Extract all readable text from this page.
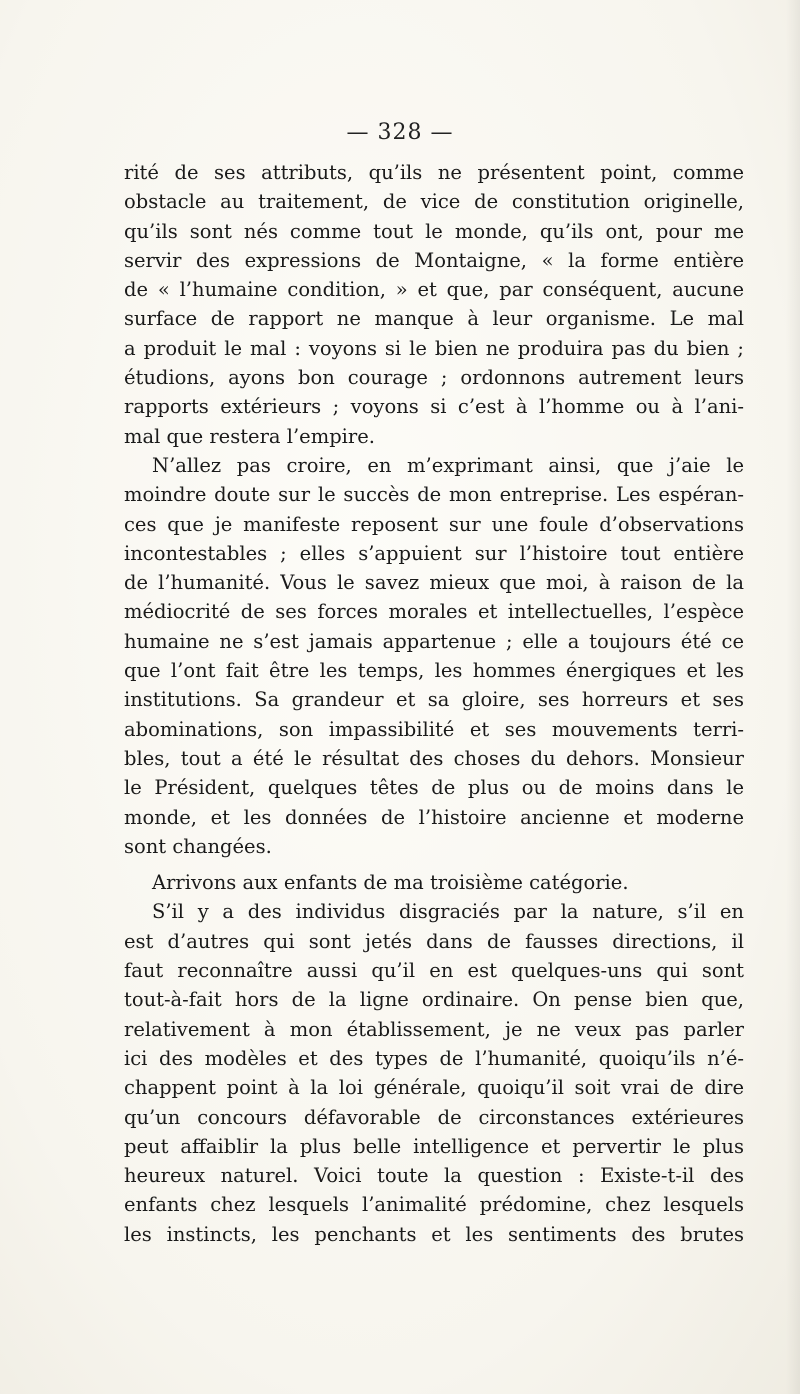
— 328 —
rité de ses attributs, qu’ils ne présentent point, comme
obstacle au traitement, de vice de constitution originelle,
qu’ils sont nés comme tout le monde, qu’ils ont, pour me
servir des expressions de Montaigne, « la forme entière
de « l’humaine condition, » et que, par conséquent, aucune
surface de rapport ne manque à leur organisme. Le mal
a produit le mal : voyons si le bien ne produira pas du bien ;
étudions, ayons bon courage ; ordonnons autrement leurs
rapports extérieurs ; voyons si c’est à l’homme ou à l’ani-
mal que restera l’empire.
N’allez pas croire, en m’exprimant ainsi, que j’aie le
moindre doute sur le succès de mon entreprise. Les espéran-
ces que je manifeste reposent sur une foule d’observations
incontestables ; elles s’appuient sur l’histoire tout entière
de l’humanité. Vous le savez mieux que moi, à raison de la
médiocrité de ses forces morales et intellectuelles, l’espèce
humaine ne s’est jamais appartenue ; elle a toujours été ce
que l’ont fait être les temps, les hommes énergiques et les
institutions. Sa grandeur et sa gloire, ses horreurs et ses
abominations, son impassibilité et ses mouvements terri-
bles, tout a été le résultat des choses du dehors. Monsieur
le Président, quelques têtes de plus ou de moins dans le
monde, et les données de l’histoire ancienne et moderne
sont changées.
Arrivons aux enfants de ma troisième catégorie.
S’il y a des individus disgraciés par la nature, s’il en
est d’autres qui sont jetés dans de fausses directions, il
faut reconnaître aussi qu’il en est quelques-uns qui sont
tout-à-fait hors de la ligne ordinaire. On pense bien que,
relativement à mon établissement, je ne veux pas parler
ici des modèles et des types de l’humanité, quoiqu’ils n’é-
chappent point à la loi générale, quoiqu’il soit vrai de dire
qu’un concours défavorable de circonstances extérieures
peut affaiblir la plus belle intelligence et pervertir le plus
heureux naturel. Voici toute la question : Existe-t-il des
enfants chez lesquels l’animalité prédomine, chez lesquels
les instincts, les penchants et les sentiments des brutes
